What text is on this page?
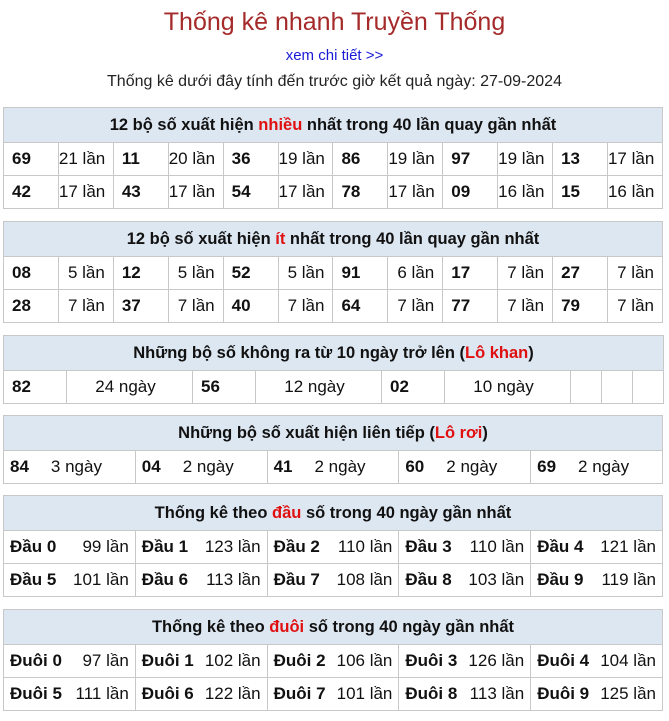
Thống kê nhanh Truyền Thống
xem chi tiết >>
Thống kê dưới đây tính đến trước giờ kết quả ngày: 27-09-2024
12 bộ số xuất hiện nhiều nhất trong 40 lần quay gần nhất											
69	21 lần	11	20 lần	36	19 lần	86	19 lần	97	19 lần	13	17 lần
42	17 lần	43	17 lần	54	17 lần	78	17 lần	09	16 lần	15	16 lần
12 bộ số xuất hiện ít nhất trong 40 lần quay gần nhất											
08	5 lần	12	5 lần	52	5 lần	91	6 lần	17	7 lần	27	7 lần
28	7 lần	37	7 lần	40	7 lần	64	7 lần	77	7 lần	79	7 lần
Những bộ số không ra từ 10 ngày trở lên (Lô khan)
82	24 ngày	56	12 ngày	02	10 ngày			
Những bộ số xuất hiện liên tiếp (Lô rơi)
84 3 ngày	04 2 ngày	41 2 ngày	60 2 ngày	69 2 ngày
Thống kê theo đầu số trong 40 ngày gần nhất				
Đầu 0 99 lần	Đầu 1 123 lần	Đầu 2 110 lần	Đầu 3 110 lần	Đầu 4 121 lần

Đầu 5 101 lần	Đầu 6 113 lần	Đầu 7 108 lần	Đầu 8 103 lần	Đầu 9 119 lần
Thống kê theo đuôi số trong 40 ngày gần nhất				
Đuôi 0 97 lần	Đuôi 1 102 lần	Đuôi 2 106 lần	Đuôi 3 126 lần	Đuôi 4 104 lần

Đuôi 5 111 lần	Đuôi 6 122 lần	Đuôi 7 101 lần	Đuôi 8 113 lần	Đuôi 9 125 lần
